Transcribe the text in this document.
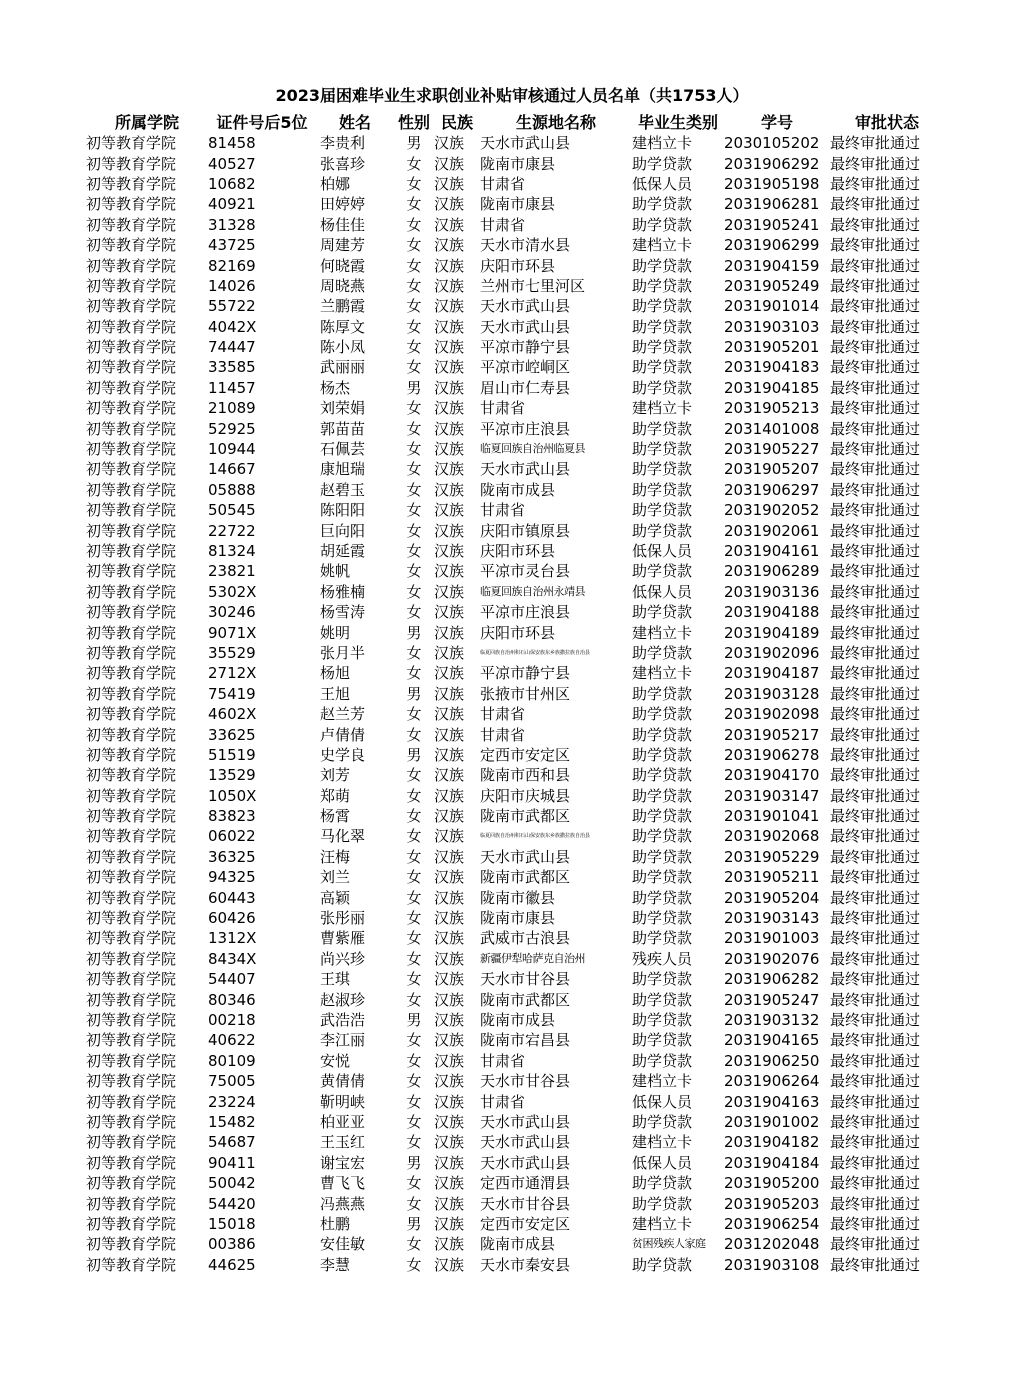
2023届困难毕业生求职创业补贴审核通过人员名单（共1753人）
所属学院	证件号后5位	姓名	性别	民族	生源地名称	毕业生类别	学号	审批状态
初等教育学院	81458	李贵利	男	汉族	天水市武山县	建档立卡	2030105202	最终审批通过
初等教育学院	40527	张喜珍	女	汉族	陇南市康县	助学贷款	2031906292	最终审批通过
初等教育学院	10682	柏娜	女	汉族	甘肃省	低保人员	2031905198	最终审批通过
初等教育学院	40921	田婷婷	女	汉族	陇南市康县	助学贷款	2031906281	最终审批通过
初等教育学院	31328	杨佳佳	女	汉族	甘肃省	助学贷款	2031905241	最终审批通过
初等教育学院	43725	周建芳	女	汉族	天水市清水县	建档立卡	2031906299	最终审批通过
初等教育学院	82169	何晓霞	女	汉族	庆阳市环县	助学贷款	2031904159	最终审批通过
初等教育学院	14026	周晓燕	女	汉族	兰州市七里河区	助学贷款	2031905249	最终审批通过
初等教育学院	55722	兰鹏霞	女	汉族	天水市武山县	助学贷款	2031901014	最终审批通过
初等教育学院	4042X	陈厚文	女	汉族	天水市武山县	助学贷款	2031903103	最终审批通过
初等教育学院	74447	陈小凤	女	汉族	平凉市静宁县	助学贷款	2031905201	最终审批通过
初等教育学院	33585	武丽丽	女	汉族	平凉市崆峒区	助学贷款	2031904183	最终审批通过
初等教育学院	11457	杨杰	男	汉族	眉山市仁寿县	助学贷款	2031904185	最终审批通过
初等教育学院	21089	刘荣娟	女	汉族	甘肃省	建档立卡	2031905213	最终审批通过
初等教育学院	52925	郭苗苗	女	汉族	平凉市庄浪县	助学贷款	2031401008	最终审批通过
初等教育学院	10944	石佩芸	女	汉族	临夏回族自治州临夏县	助学贷款	2031905227	最终审批通过
初等教育学院	14667	康旭瑞	女	汉族	天水市武山县	助学贷款	2031905207	最终审批通过
初等教育学院	05888	赵碧玉	女	汉族	陇南市成县	助学贷款	2031906297	最终审批通过
初等教育学院	50545	陈阳阳	女	汉族	甘肃省	助学贷款	2031902052	最终审批通过
初等教育学院	22722	巨向阳	女	汉族	庆阳市镇原县	助学贷款	2031902061	最终审批通过
初等教育学院	81324	胡延霞	女	汉族	庆阳市环县	低保人员	2031904161	最终审批通过
初等教育学院	23821	姚帆	女	汉族	平凉市灵台县	助学贷款	2031906289	最终审批通过
初等教育学院	5302X	杨雅楠	女	汉族	临夏回族自治州永靖县	低保人员	2031903136	最终审批通过
初等教育学院	30246	杨雪涛	女	汉族	平凉市庄浪县	助学贷款	2031904188	最终审批通过
初等教育学院	9071X	姚明	男	汉族	庆阳市环县	建档立卡	2031904189	最终审批通过
初等教育学院	35529	张月半	女	汉族	临夏回族自治州积石山保安族东乡族撒拉族自治县	助学贷款	2031902096	最终审批通过
初等教育学院	2712X	杨旭	女	汉族	平凉市静宁县	建档立卡	2031904187	最终审批通过
初等教育学院	75419	王旭	男	汉族	张掖市甘州区	助学贷款	2031903128	最终审批通过
初等教育学院	4602X	赵兰芳	女	汉族	甘肃省	助学贷款	2031902098	最终审批通过
初等教育学院	33625	卢倩倩	女	汉族	甘肃省	助学贷款	2031905217	最终审批通过
初等教育学院	51519	史学良	男	汉族	定西市安定区	助学贷款	2031906278	最终审批通过
初等教育学院	13529	刘芳	女	汉族	陇南市西和县	助学贷款	2031904170	最终审批通过
初等教育学院	1050X	郑萌	女	汉族	庆阳市庆城县	助学贷款	2031903147	最终审批通过
初等教育学院	83823	杨霄	女	汉族	陇南市武都区	助学贷款	2031901041	最终审批通过
初等教育学院	06022	马化翠	女	汉族	临夏回族自治州积石山保安族东乡族撒拉族自治县	助学贷款	2031902068	最终审批通过
初等教育学院	36325	汪梅	女	汉族	天水市武山县	助学贷款	2031905229	最终审批通过
初等教育学院	94325	刘兰	女	汉族	陇南市武都区	助学贷款	2031905211	最终审批通过
初等教育学院	60443	高颖	女	汉族	陇南市徽县	助学贷款	2031905204	最终审批通过
初等教育学院	60426	张彤丽	女	汉族	陇南市康县	助学贷款	2031903143	最终审批通过
初等教育学院	1312X	曹紫雁	女	汉族	武威市古浪县	助学贷款	2031901003	最终审批通过
初等教育学院	8434X	尚兴珍	女	汉族	新疆伊犁哈萨克自治州	残疾人员	2031902076	最终审批通过
初等教育学院	54407	王琪	女	汉族	天水市甘谷县	助学贷款	2031906282	最终审批通过
初等教育学院	80346	赵淑珍	女	汉族	陇南市武都区	助学贷款	2031905247	最终审批通过
初等教育学院	00218	武浩浩	男	汉族	陇南市成县	助学贷款	2031903132	最终审批通过
初等教育学院	40622	李江丽	女	汉族	陇南市宕昌县	助学贷款	2031904165	最终审批通过
初等教育学院	80109	安悦	女	汉族	甘肃省	助学贷款	2031906250	最终审批通过
初等教育学院	75005	黄倩倩	女	汉族	天水市甘谷县	建档立卡	2031906264	最终审批通过
初等教育学院	23224	靳明峡	女	汉族	甘肃省	低保人员	2031904163	最终审批通过
初等教育学院	15482	柏亚亚	女	汉族	天水市武山县	助学贷款	2031901002	最终审批通过
初等教育学院	54687	王玉红	女	汉族	天水市武山县	建档立卡	2031904182	最终审批通过
初等教育学院	90411	谢宝宏	男	汉族	天水市武山县	低保人员	2031904184	最终审批通过
初等教育学院	50042	曹飞飞	女	汉族	定西市通渭县	助学贷款	2031905200	最终审批通过
初等教育学院	54420	冯燕燕	女	汉族	天水市甘谷县	助学贷款	2031905203	最终审批通过
初等教育学院	15018	杜鹏	男	汉族	定西市安定区	建档立卡	2031906254	最终审批通过
初等教育学院	00386	安佳敏	女	汉族	陇南市成县	贫困残疾人家庭	2031202048	最终审批通过
初等教育学院	44625	李慧	女	汉族	天水市秦安县	助学贷款	2031903108	最终审批通过
